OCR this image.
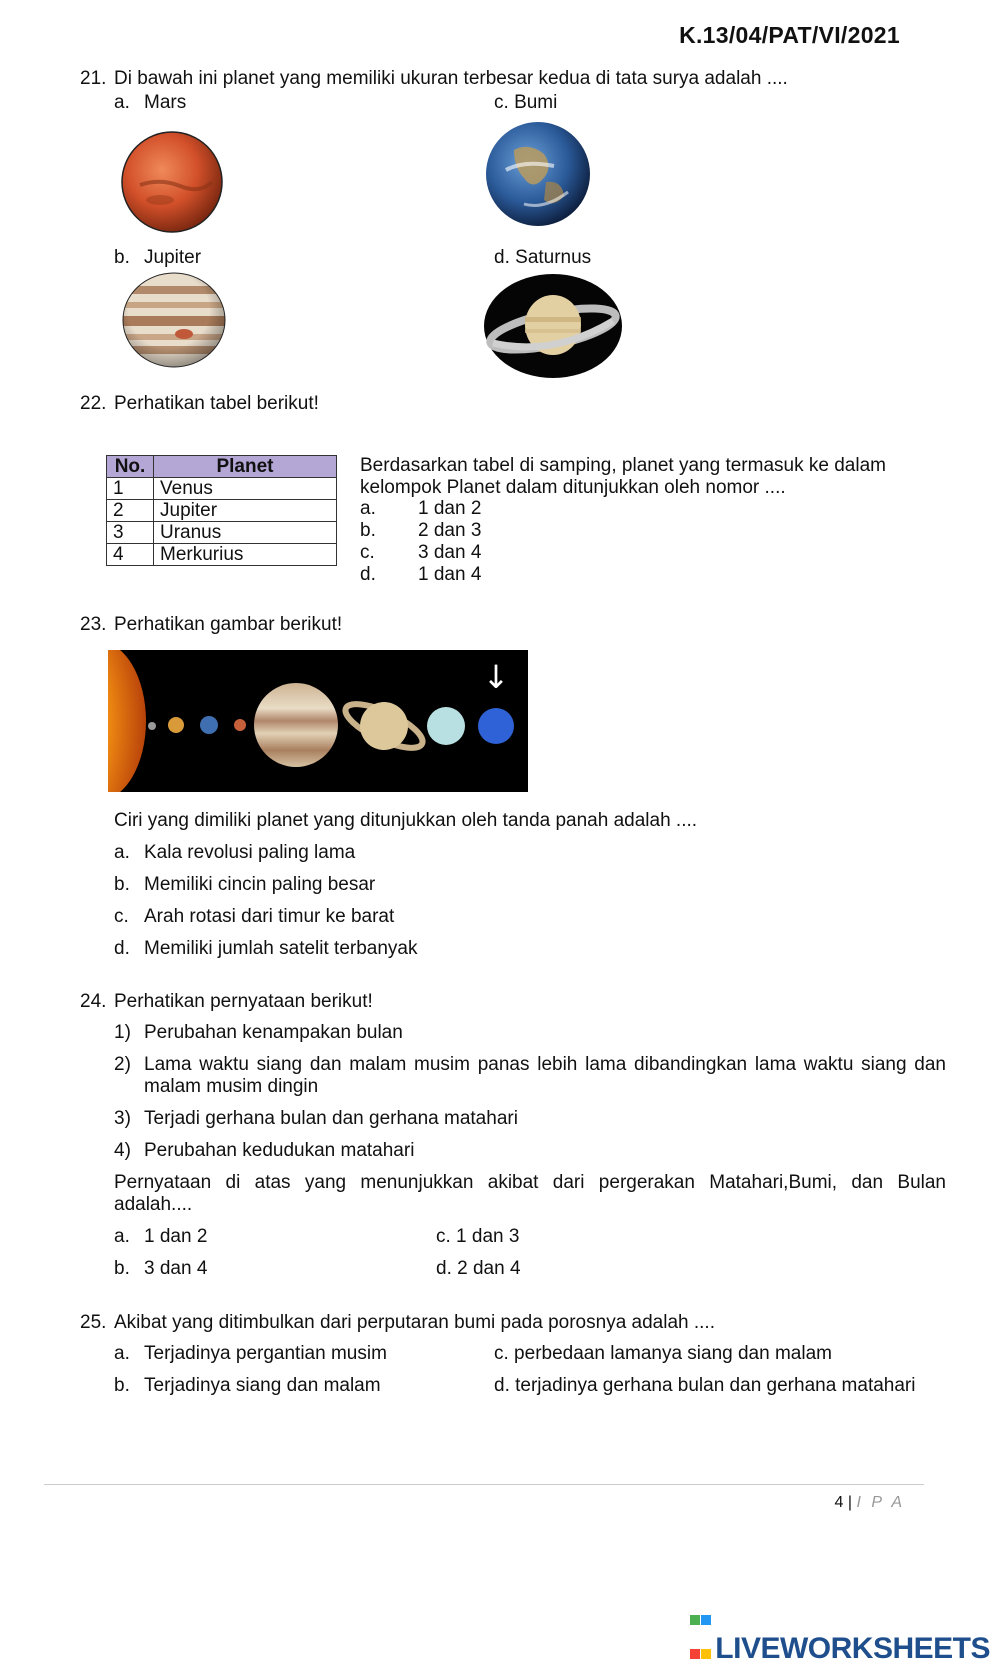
K.13/04/PAT/VI/2021
21. Di bawah ini planet yang memiliki ukuran terbesar kedua di tata surya adalah ....
a. Mars	c. Bumi
b. Jupiter	d. Saturnus
22. Perhatikan tabel berikut!
No.	Planet
1	Venus
2	Jupiter
3	Uranus
4	Merkurius
Berdasarkan tabel di samping, planet yang termasuk ke dalam
kelompok Planet dalam ditunjukkan oleh nomor ....
a. 1 dan 2
b. 2 dan 3
c. 3 dan 4
d. 1 dan 4
23. Perhatikan gambar berikut!
↓
Ciri yang dimiliki planet yang ditunjukkan oleh tanda panah adalah ....
a. Kala revolusi paling lama
b. Memiliki cincin paling besar
c. Arah rotasi dari timur ke barat
d. Memiliki jumlah satelit terbanyak
24. Perhatikan pernyataan berikut!
1) Perubahan kenampakan bulan
2) Lama waktu siang dan malam musim panas lebih lama dibandingkan lama waktu siang dan
malam musim dingin
3) Terjadi gerhana bulan dan gerhana matahari
4) Perubahan kedudukan matahari
Pernyataan di atas yang menunjukkan akibat dari pergerakan Matahari,Bumi, dan Bulan
adalah....
a. 1 dan 2	c. 1 dan 3
b. 3 dan 4	d. 2 dan 4
25. Akibat yang ditimbulkan dari perputaran bumi pada porosnya adalah ....
a. Terjadinya pergantian musim	c. perbedaan lamanya siang dan malam
b. Terjadinya siang dan malam	d. terjadinya gerhana bulan dan gerhana matahari
4 | I P A
LIVEWORKSHEETS
